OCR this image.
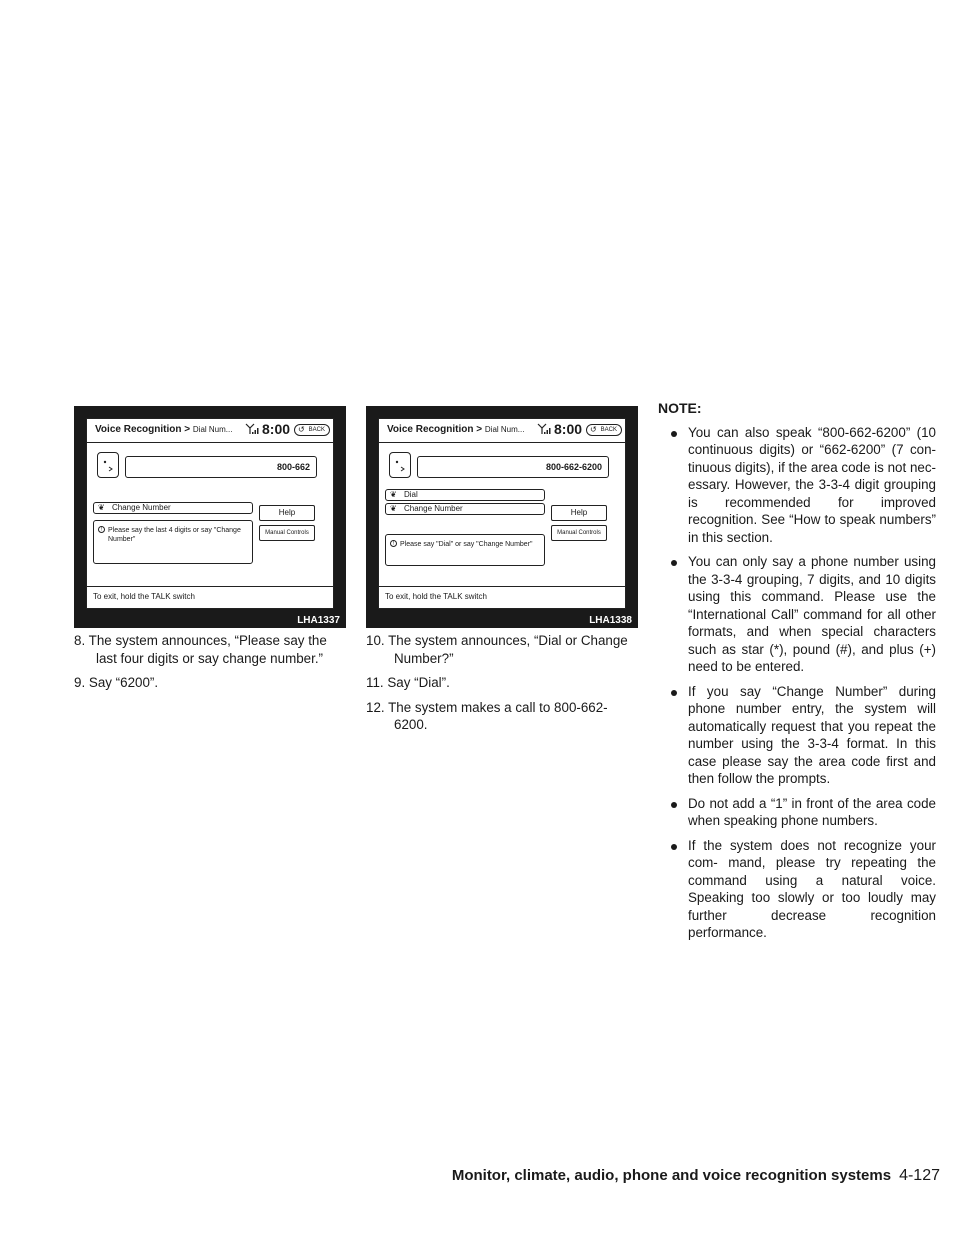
Voice Recognition > Dial Num... 8:00 ↺ BACK
800-662
❦ Change Number
Help
Manual Controls
! Please say the last 4 digits or say "Change Number"
To exit, hold the TALK switch
LHA1337
Voice Recognition > Dial Num... 8:00 ↺ BACK
800-662-6200
❦ Dial
❦ Change Number	Help
Manual Controls
! Please say "Dial" or say "Change Number"
To exit, hold the TALK switch
LHA1338
8. The system announces, “Please say the last four digits or say change number.”
9. Say “6200”.
10. The system announces, “Dial or Change Number?”
11. Say “Dial”.
12. The system makes a call to 800-662- 6200.
NOTE:
You can also speak “800-662-6200” (10 continuous digits) or “662-6200” (7 con- tinuous digits), if the area code is not nec- essary. However, the 3-3-4 digit grouping is recommended for improved recognition. See “How to speak numbers” in this section.
You can only say a phone number using the 3-3-4 grouping, 7 digits, and 10 digits using this command. Please use the “International Call” command for all other formats, and when special characters such as star (*), pound (#), and plus (+) need to be entered.
If you say “Change Number” during phone number entry, the system will automatically request that you repeat the number using the 3-3-4 format. In this case please say the area code first and then follow the prompts.
Do not add a “1” in front of the area code when speaking phone numbers.
If the system does not recognize your com- mand, please try repeating the command using a natural voice. Speaking too slowly or too loudly may further decrease recognition performance.
Monitor, climate, audio, phone and voice recognition systems 4-127
